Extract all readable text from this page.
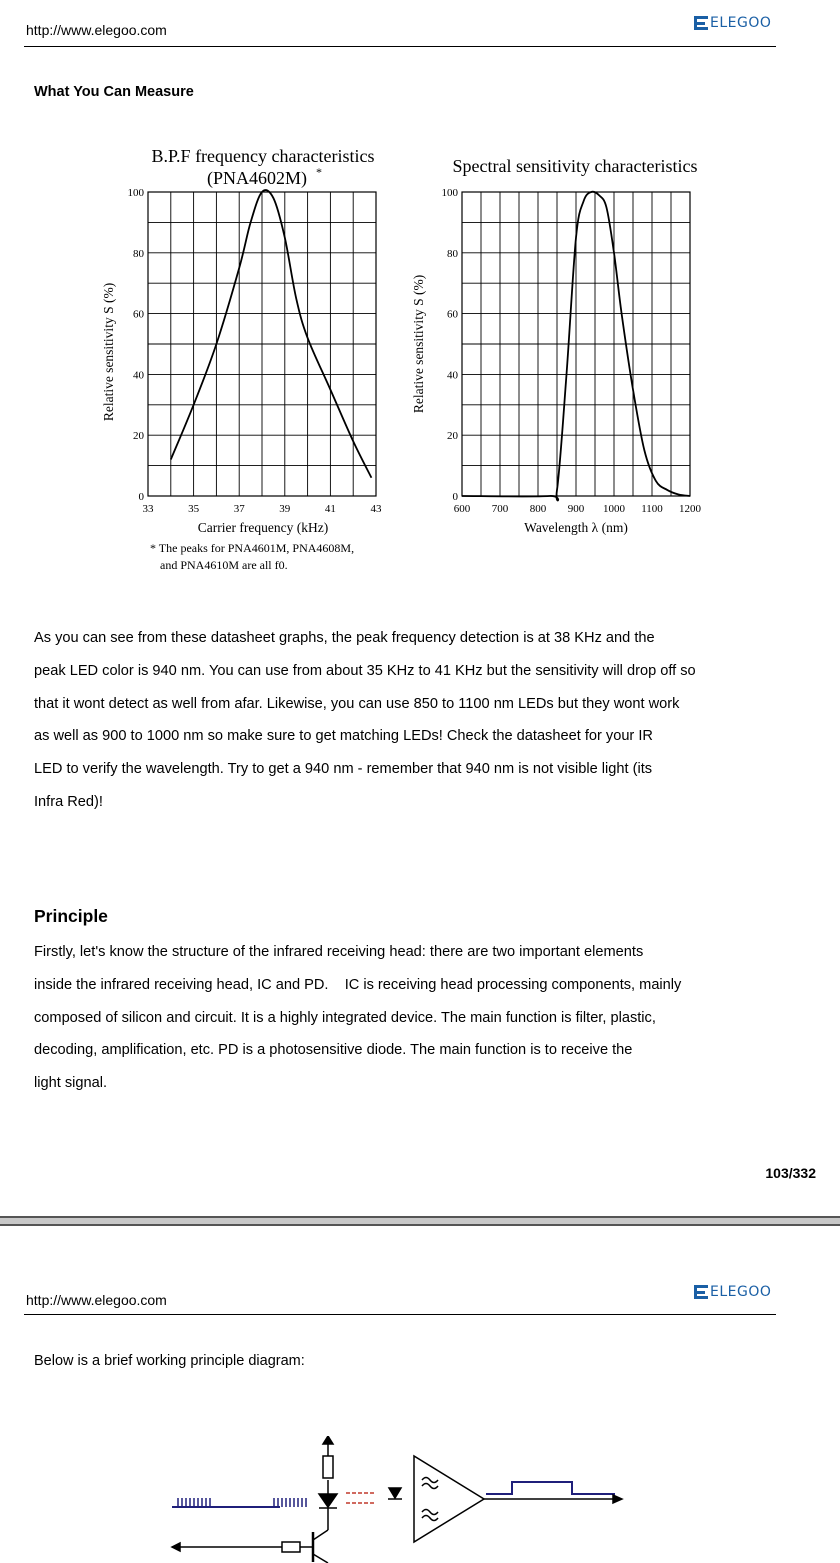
http://www.elegoo.com	ELEGOO
What You Can Measure
B.P.F frequency characteristics
(PNA4602M) *
0
20
40
60
80
100
33	35	37	39	41	43
Relative sensitivity S (%)
Carrier frequency (kHz)
* The peaks for PNA4601M, PNA4608M,
and PNA4610M are all f0.
Spectral sensitivity characteristics
0
20
40
60
80
100
600 700 800 900 1000 1100 1200
Relative sensitivity S (%)
Wavelength λ (nm)

As you can see from these datasheet graphs, the peak frequency detection is at 38 KHz and the
peak LED color is 940 nm. You can use from about 35 KHz to 41 KHz but the sensitivity will drop off so
that it wont detect as well from afar. Likewise, you can use 850 to 1100 nm LEDs but they wont work
as well as 900 to 1000 nm so make sure to get matching LEDs! Check the datasheet for your IR
LED to verify the wavelength. Try to get a 940 nm - remember that 940 nm is not visible light (its
Infra Red)!

Principle

Firstly, let's know the structure of the infrared receiving head: there are two important elements
inside the infrared receiving head, IC and PD.    IC is receiving head processing components, mainly
composed of silicon and circuit. It is a highly integrated device. The main function is filter, plastic,
decoding, amplification, etc. PD is a photosensitive diode. The main function is to receive the
light signal.

103/332
http://www.elegoo.com	ELEGOO
Below is a brief working principle diagram:
